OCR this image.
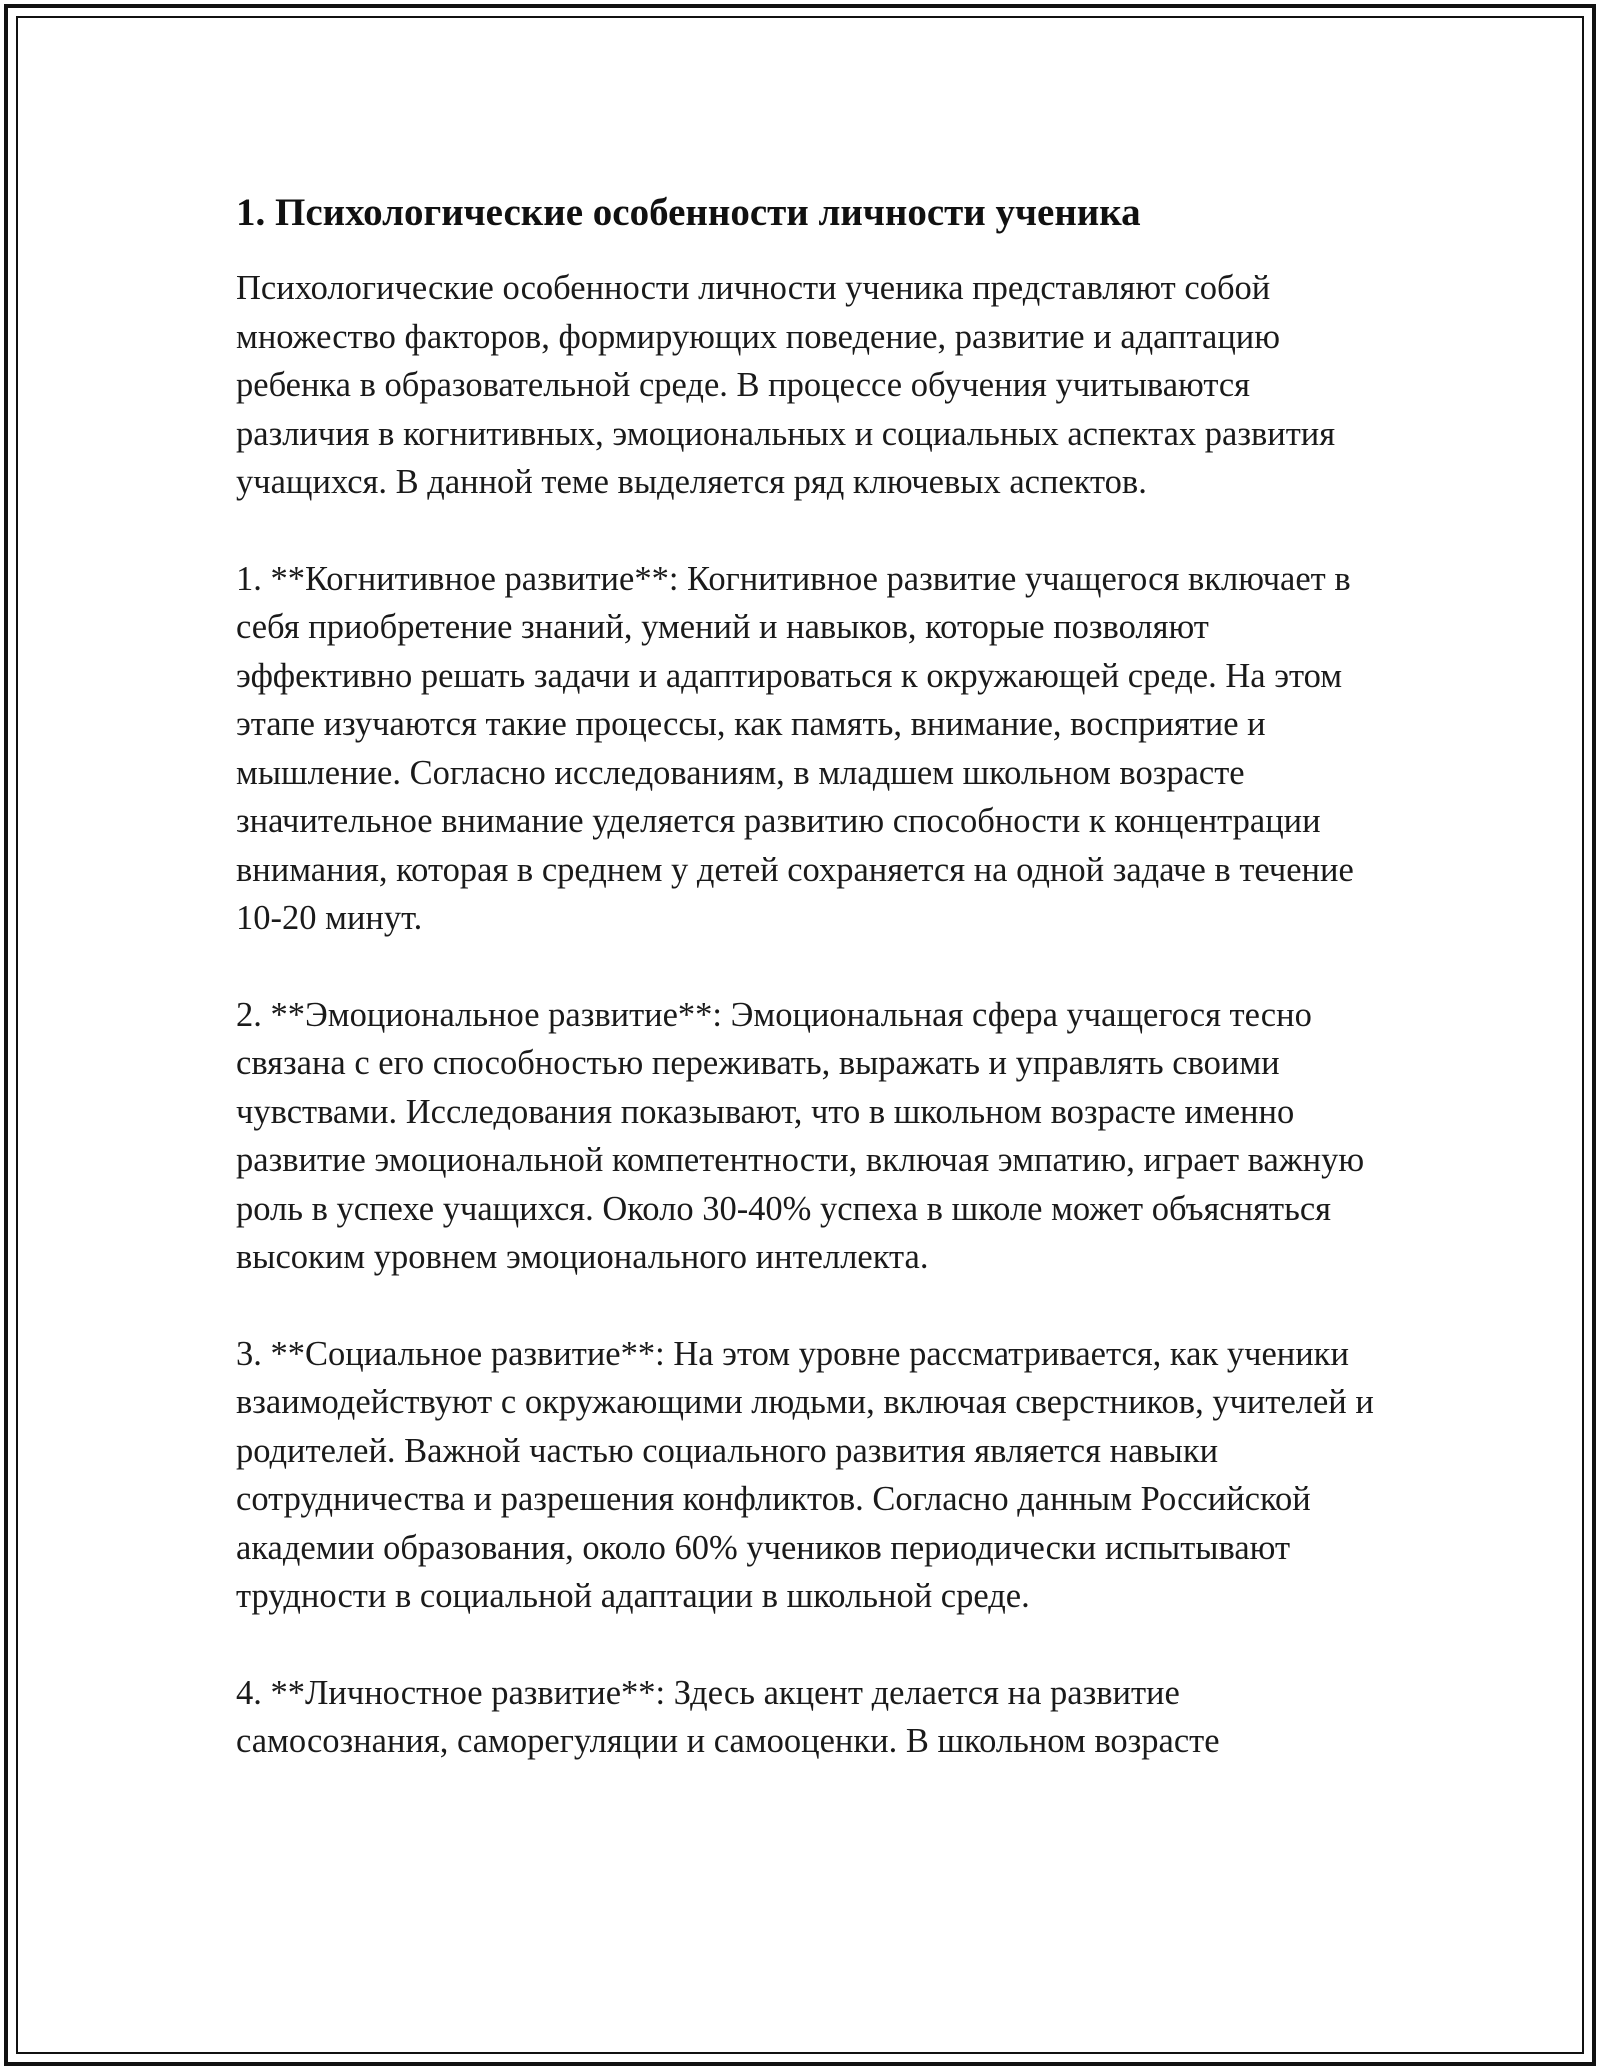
1. Психологические особенности личности ученика

Психологические особенности личности ученика представляют собой множество факторов, формирующих поведение, развитие и адаптацию ребенка в образовательной среде. В процессе обучения учитываются различия в когнитивных, эмоциональных и социальных аспектах развития учащихся. В данной теме выделяется ряд ключевых аспектов.

1. **Когнитивное развитие**: Когнитивное развитие учащегося включает в себя приобретение знаний, умений и навыков, которые позволяют эффективно решать задачи и адаптироваться к окружающей среде. На этом этапе изучаются такие процессы, как память, внимание, восприятие и мышление. Согласно исследованиям, в младшем школьном возрасте значительное внимание уделяется развитию способности к концентрации внимания, которая в среднем у детей сохраняется на одной задаче в течение 10-20 минут.

2. **Эмоциональное развитие**: Эмоциональная сфера учащегося тесно связана с его способностью переживать, выражать и управлять своими чувствами. Исследования показывают, что в школьном возрасте именно развитие эмоциональной компетентности, включая эмпатию, играет важную роль в успехе учащихся. Около 30-40% успеха в школе может объясняться высоким уровнем эмоционального интеллекта.

3. **Социальное развитие**: На этом уровне рассматривается, как ученики взаимодействуют с окружающими людьми, включая сверстников, учителей и родителей. Важной частью социального развития является навыки сотрудничества и разрешения конфликтов. Согласно данным Российской академии образования, около 60% учеников периодически испытывают трудности в социальной адаптации в школьной среде.

4. **Личностное развитие**: Здесь акцент делается на развитие самосознания, саморегуляции и самооценки. В школьном возрасте
